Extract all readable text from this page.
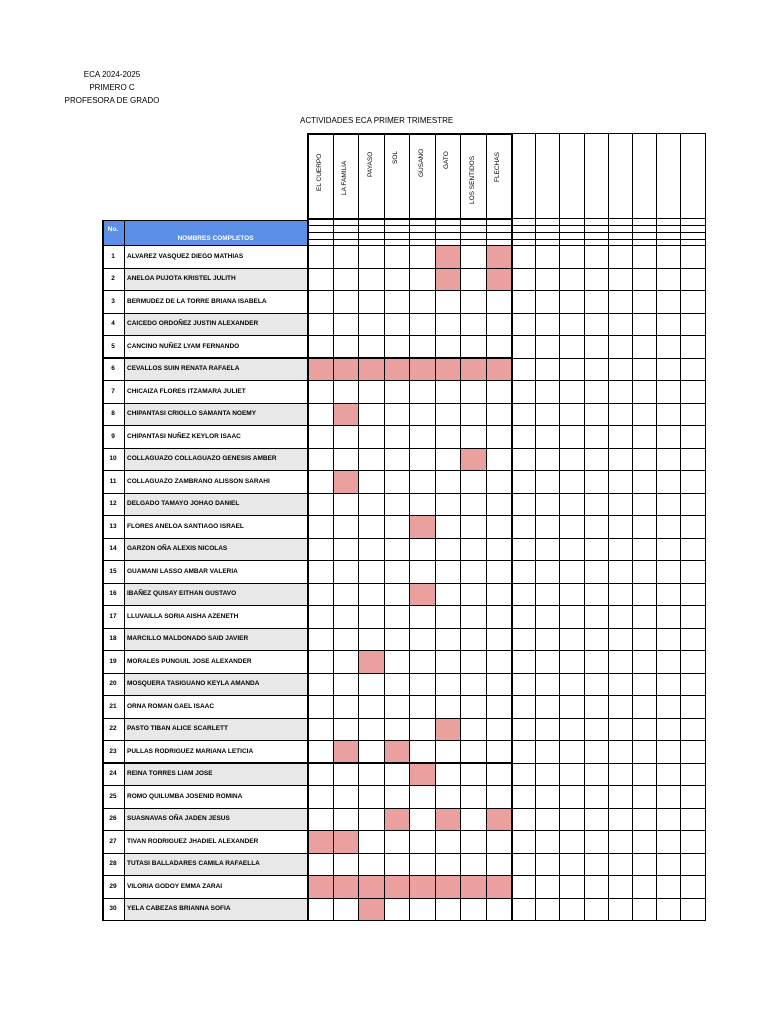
ECA 2024-2025
PRIMERO C
PROFESORA DE GRADO
ACTIVIDADES ECA PRIMER TRIMESTRE
No.
NOMBRES COMPLETOS
EL CUERPO	LA FAMILIA	PAYASO	SOL	GUSANO	GATO	LOS SENTIDOS	FLECHAS
1	ALVAREZ VASQUEZ DIEGO MATHIAS
2	ANELOA PUJOTA KRISTEL JULITH
3	BERMUDEZ DE LA TORRE BRIANA ISABELA
4	CAICEDO ORDOÑEZ JUSTIN ALEXANDER
5	CANCINO NUÑEZ LYAM FERNANDO
6	CEVALLOS SUIN RENATA RAFAELA
7	CHICAIZA FLORES ITZAMARA JULIET
8	CHIPANTASI CRIOLLO SAMANTA NOEMY
9	CHIPANTASI NUÑEZ KEYLOR ISAAC
10	COLLAGUAZO COLLAGUAZO GENESIS AMBER
11	COLLAGUAZO ZAMBRANO ALISSON SARAHI
12	DELGADO TAMAYO JOHAO DANIEL
13	FLORES ANELOA SANTIAGO ISRAEL
14	GARZON OÑA ALEXIS NICOLAS
15	GUAMANI LASSO AMBAR VALERIA
16	IBAÑEZ QUISAY EITHAN GUSTAVO
17	LLUVAILLA SORIA AISHA AZENETH
18	MARCILLO MALDONADO SAID JAVIER
19	MORALES PUNGUIL JOSE ALEXANDER
20	MOSQUERA TASIGUANO KEYLA AMANDA
21	ORNA ROMAN GAEL ISAAC
22	PASTO TIBAN ALICE SCARLETT
23	PULLAS RODRIGUEZ MARIANA LETICIA
24	REINA TORRES LIAM JOSE
25	ROMO QUILUMBA JOSENID ROMINA
26	SUASNAVAS OÑA JADEN JESUS
27	TIVAN RODRIGUEZ JHADIEL ALEXANDER
28	TUTASI BALLADARES CAMILA RAFAELLA
29	VILORIA GODOY EMMA ZARAI
30	YELA CABEZAS BRIANNA SOFIA
